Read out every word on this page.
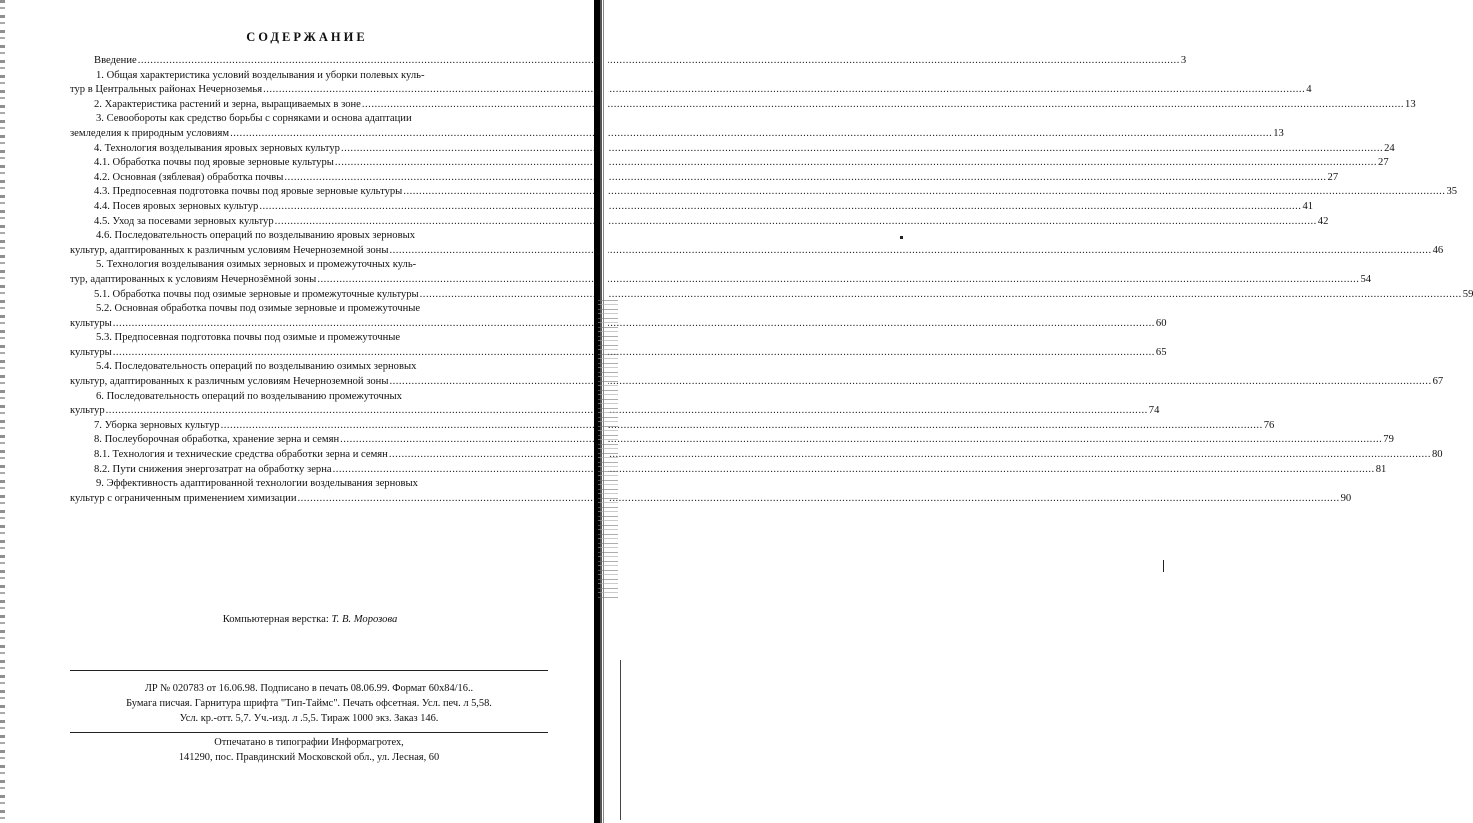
СОДЕРЖАНИЕ
Введение .....	3
1. Общая характеристика условий возделывания и уборки полевых куль-
тур в Центральных районах Нечерноземья .....	4
2. Характеристика растений и зерна, выращиваемых в зоне .....	13
3. Севообороты как средство борьбы с сорняками и основа адаптации
земледелия к природным условиям .....	13
4. Технология возделывания яровых зерновых культур .....	24
4.1. Обработка почвы под яровые зерновые культуры .....	27
4.2. Основная (зяблевая) обработка почвы .....	27
4.3. Предпосевная подготовка почвы под яровые зерновые культуры .....	35
4.4. Посев яровых зерновых культур .....	41
4.5. Уход за посевами зерновых культур .....	42
4.6. Последовательность операций по возделыванию яровых зерновых
культур, адаптированных к различным условиям Нечерноземной зоны .....	46
5. Технология возделывания озимых зерновых и промежуточных куль-
тур, адаптированных к условиям Нечернозёмной зоны .....	54
5.1. Обработка почвы под озимые зерновые и промежуточные культуры .....	59
5.2. Основная обработка почвы под озимые зерновые и промежуточные
культуры .....	60
5.3. Предпосевная подготовка почвы под озимые и промежуточные
культуры .....	65
5.4. Последовательность операций по возделыванию озимых зерновых
культур, адаптированных к различным условиям Нечерноземной зоны .....	67
6. Последовательность операций по возделыванию промежуточных
культур .....	74
7. Уборка зерновых культур .....	76
8. Послеуборочная обработка, хранение зерна и семян .....	79
8.1. Технология и технические средства обработки зерна и семян .....	80
8.2. Пути снижения энергозатрат на обработку зерна .....	81
9. Эффективность адаптированной технологии возделывания зерновых
культур с ограниченным применением химизации .....	90
Компьютерная верстка: Т. В. Морозова
ЛР № 020783 от 16.06.98. Подписано в печать 08.06.99. Формат 60х84/16..
Бумага писчая. Гарнитура шрифта "Тип-Таймс". Печать офсетная. Усл. печ. л 5,58.
Усл. кр.-отт. 5,7. Уч.-изд. л .5,5. Тираж 1000 экз. Заказ 146.
Отпечатано в типографии Информагротех,
141290, пос. Правдинский Московской обл., ул. Лесная, 60
